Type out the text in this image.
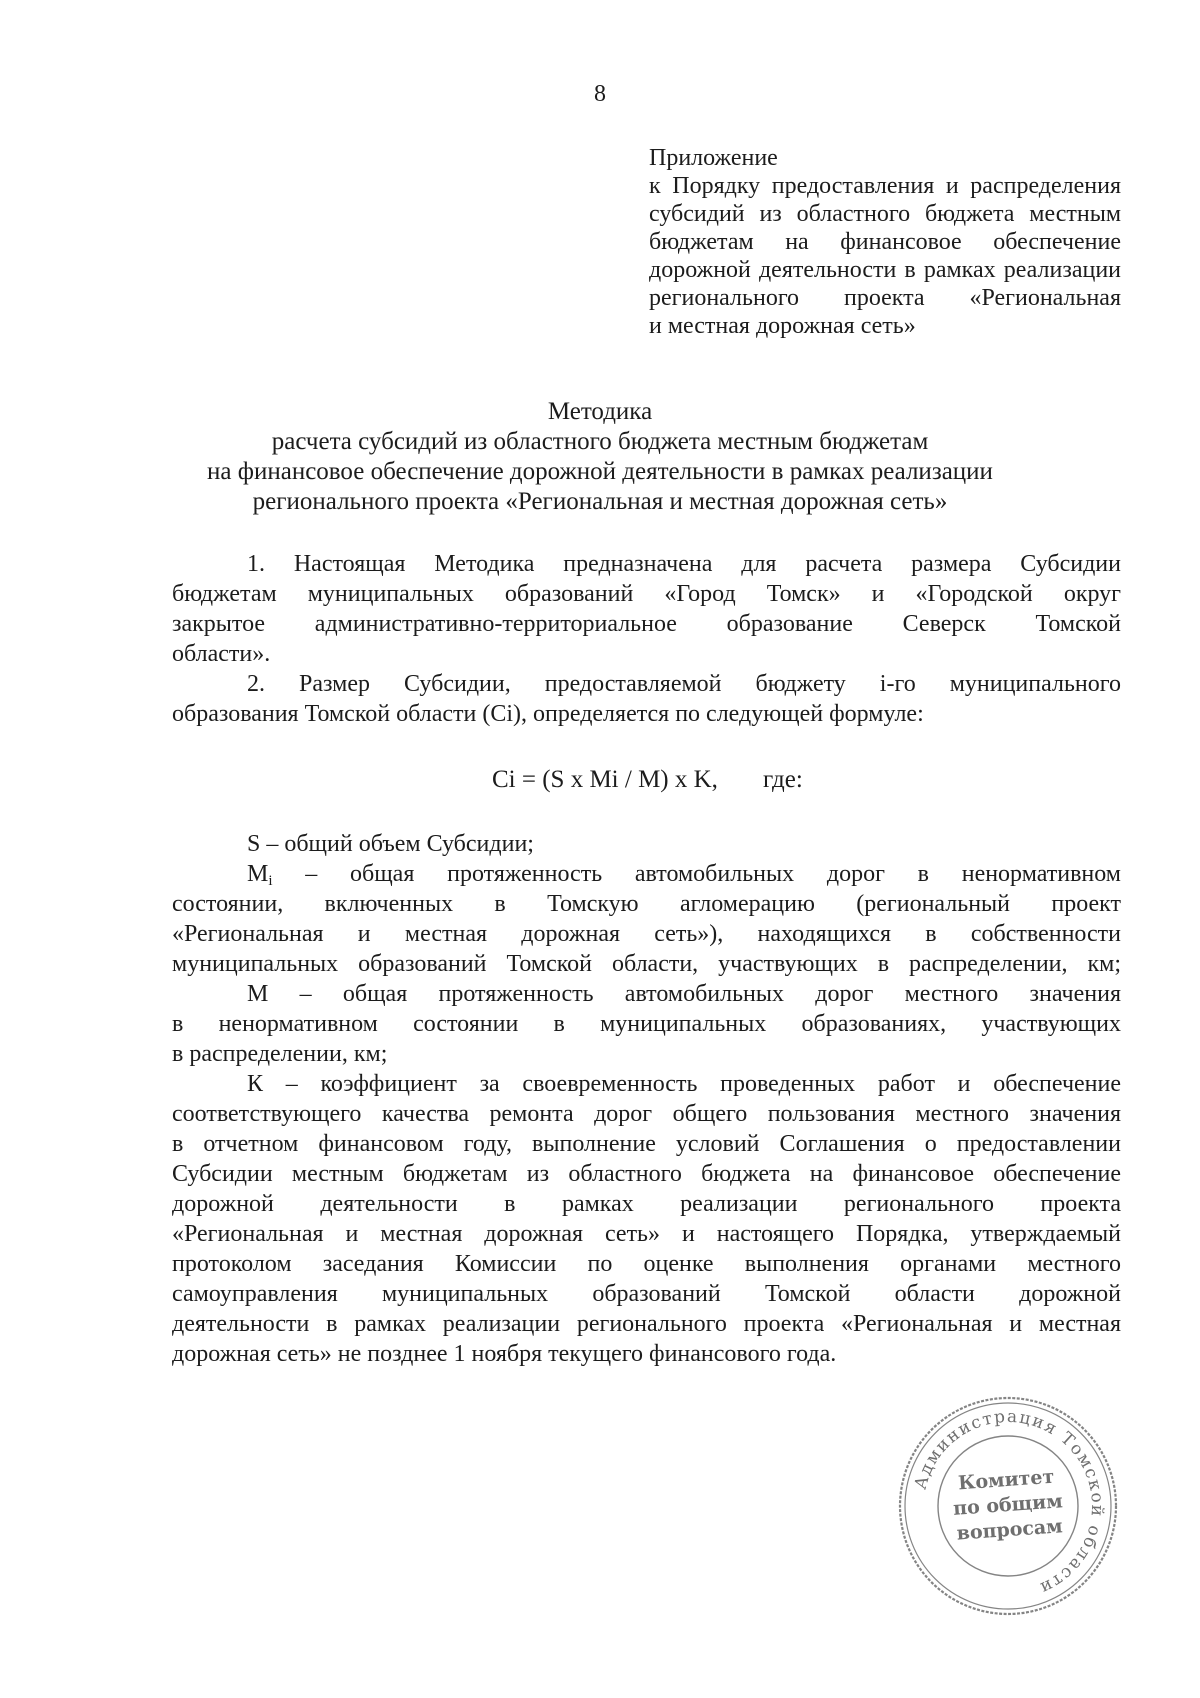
8
Приложение
к Порядку предоставления и распределения
субсидий из областного бюджета местным
бюджетам на финансовое обеспечение
дорожной деятельности в рамках реализации
регионального проекта «Региональная
и местная дорожная сеть»
Методика
расчета субсидий из областного бюджета местным бюджетам
на финансовое обеспечение дорожной деятельности в рамках реализации
регионального проекта «Региональная и местная дорожная сеть»
1. Настоящая Методика предназначена для расчета размера Субсидии
бюджетам муниципальных образований «Город Томск» и «Городской округ
закрытое административно-территориальное образование Северск Томской
области».
2. Размер Субсидии, предоставляемой бюджету i-го муниципального
образования Томской области (Ci), определяется по следующей формуле:
Ci = (S x Mi / M) x K, где:
S – общий объем Субсидии;
$M_i$ – общая протяженность автомобильных дорог в ненормативном
состоянии, включенных в Томскую агломерацию (региональный проект
«Региональная и местная дорожная сеть»), находящихся в собственности
муниципальных образований Томской области, участвующих в распределении, км;
М – общая протяженность автомобильных дорог местного значения
в ненормативном состоянии в муниципальных образованиях, участвующих
в распределении, км;
К – коэффициент за своевременность проведенных работ и обеспечение
соответствующего качества ремонта дорог общего пользования местного значения
в отчетном финансовом году, выполнение условий Соглашения о предоставлении
Субсидии местным бюджетам из областного бюджета на финансовое обеспечение
дорожной деятельности в рамках реализации регионального проекта
«Региональная и местная дорожная сеть» и настоящего Порядка, утверждаемый
протоколом заседания Комиссии по оценке выполнения органами местного
самоуправления муниципальных образований Томской области дорожной
деятельности в рамках реализации регионального проекта «Региональная и местная
дорожная сеть» не позднее 1 ноября текущего финансового года.
Администрация Томской области
Комитет
по общим
вопросам
